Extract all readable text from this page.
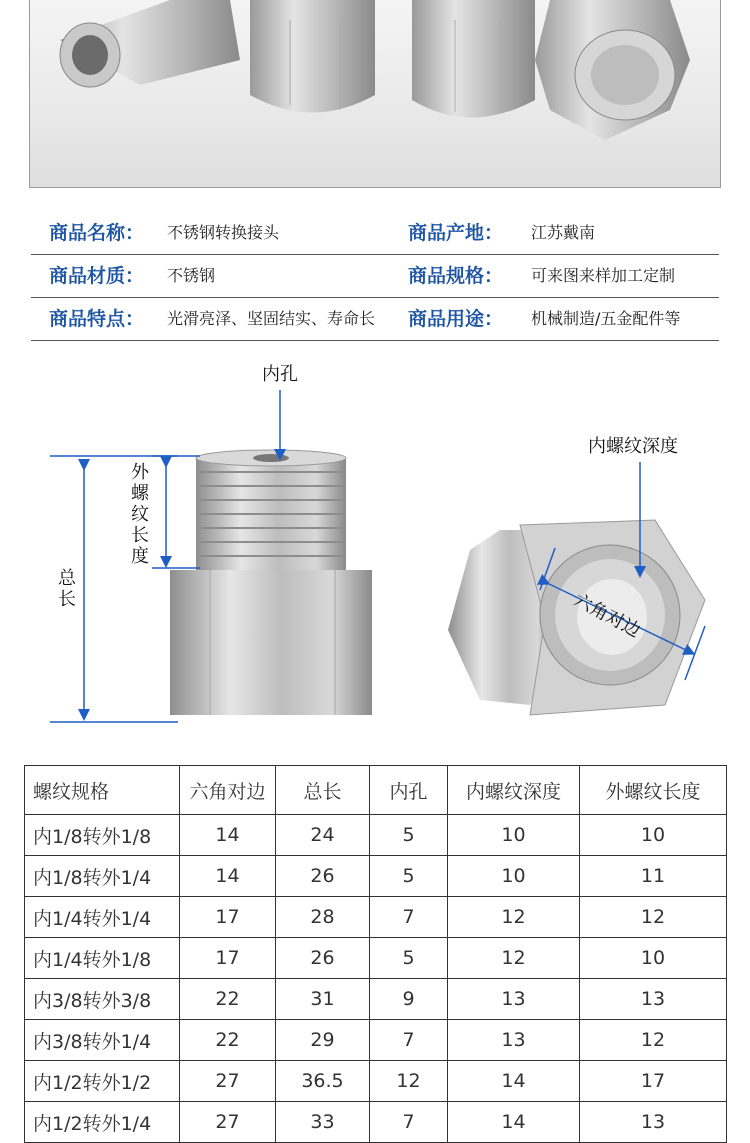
商品名称： 不锈钢转换接头	商品产地： 江苏戴南
商品材质： 不锈钢	商品规格： 可来图来样加工定制
商品特点： 光滑亮泽、坚固结实、寿命长 商品用途： 机械制造/五金配件等
内孔
外螺纹长度
总长
内螺纹深度
六角对边
螺纹规格	六角对边	总长	内孔	内螺纹深度	外螺纹长度
内1/8转外1/8	14	24	5	10	10
内1/8转外1/4	14	26	5	10	11
内1/4转外1/4	17	28	7	12	12
内1/4转外1/8	17	26	5	12	10
内3/8转外3/8	22	31	9	13	13
内3/8转外1/4	22	29	7	13	12
内1/2转外1/2	27	36.5	12	14	17
内1/2转外1/4	27	33	7	14	13
